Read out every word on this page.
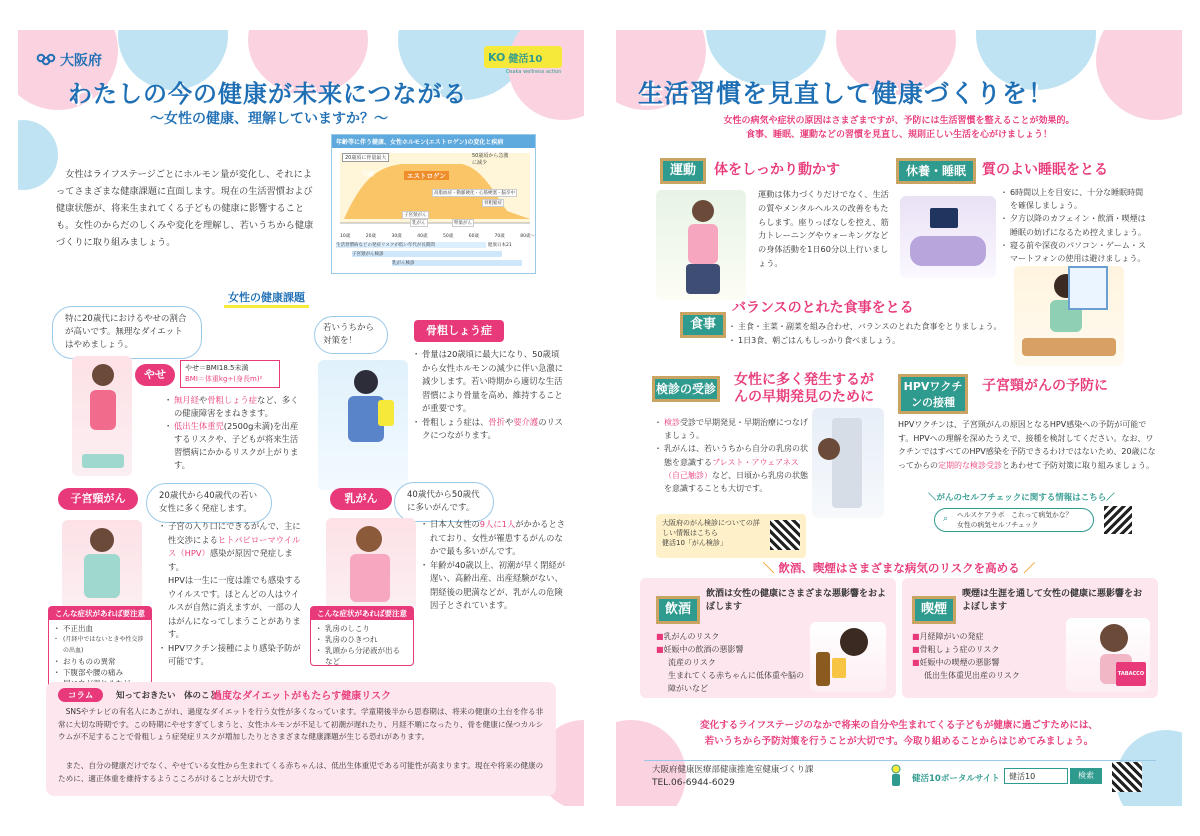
大阪府	KO 健活10
Osaka wellness action
わたしの今の健康が未来につながる
～女性の健康、理解していますか？～

女性はライフステージごとにホルモン量が変化し、それによってさまざまな健康課題に直面します。現在の生活習慣および健康状態が、将来生まれてくる子どもの健康に影響することも。女性のからだのしくみや変化を理解し、若いうちから健康づくりに取り組みましょう。

年齢等に伴う健康、女性ホルモン(エストロゲン)の変化と疾病
20歳頃に骨量最大	50歳頃から急激に減少
月経	エストロゲン
高脂血症・動脈硬化・心筋梗塞・脳卒中
骨粗鬆症
子宮頸がん
乳がん	卵巣がん
10歳	20歳	30歳	40歳	50歳	60歳	70歳	80歳〜
生活習慣病などの発症リスクが低い年代が長期間	健康日本21
子宮頸がん検診
乳がん検診
女性の健康課題
特に20歳代におけるやせの割合が高いです。無理なダイエットはやめましょう。
やせ	やせ＝BMI18.5未満
BMI＝体重kg÷(身長m)²
・ 無月経や骨粗しょう症など、多くの健康障害をまねきます。
・ 低出生体重児(2500g未満)を出産するリスクや、子どもが将来生活習慣病にかかるリスクが上がります。
若いうちから対策を！
骨粗しょう症
・ 骨量は20歳頃に最大になり、50歳頃から女性ホルモンの減少に伴い急激に減少します。若い時期から適切な生活習慣により骨量を高め、維持することが重要です。
・ 骨粗しょう症は、骨折や要介護のリスクにつながります。
子宮頸がん	20歳代から40歳代の若い女性に多く発症します。
こんな症状があれば要注意
・ 不正出血
・ (月経中ではないときや性交渉の出血)
・ おりものの異常
・ 下腹部や腰の痛み
・
・ 子宮の入り口にできるがんで、主に性交渉によるヒトパピローマウイルス（HPV）感染が原因で発症します。
HPVは一生に一度は誰でも感染するウイルスです。ほとんどの人はウイルスが自然に消えますが、一部の人はがんになってしまうことがあります。
・ HPVワクチン接種により感染予防が可能です。
乳がん	40歳代から50歳代に多いがんです。
こんな症状があれば要注意
・ 乳房のしこり
・ 乳房のひきつれ
・ 乳頭から分泌液が出るなど
・ 日本人女性の9人に1人がかかるとされており、女性が罹患するがんのなかで最も多いがんです。
・ 年齢が40歳以上、初潮が早く閉経が遅い、高齢出産、出産経験がない、閉経後の肥満などが、乳がんの危険因子とされています。
コラム	知っておきたい　体のこと
過度なダイエットがもたらす健康リスク

SNSやテレビの有名人にあこがれ、過度なダイエットを行う女性が多くなっています。学童期後半から思春期は、将来の健康の土台を作る非常に大切な時期です。この時期にやせすぎてしまうと、女性ホルモンが不足して初潮が遅れたり、月経不順になったり、骨を健康に保つカルシウムが不足することで骨粗しょう症発症リスクが増加したりとさまざまな健康課題が生じる恐れがあります。

また、自分の健康だけでなく、やせている女性から生まれてくる赤ちゃんは、低出生体重児である可能性が高まります。現在や将来の健康のために、適正体重を維持するようこころがけることが大切です。

生活習慣を見直して健康づくりを！
女性の病気や症状の原因はさまざまですが、予防には生活習慣を整えることが効果的。
食事、睡眠、運動などの習慣を見直し、規則正しい生活を心がけましょう！
運動	体をしっかり動かす

運動は体力づくりだけでなく、生活の質やメンタルヘルスの改善をもたらします。座りっぱなしを控え、筋力トレーニングやウォーキングなどの身体活動を1日60分以上行いましょう。

休養・睡眠	質のよい睡眠をとる
・ 6時間以上を目安に、十分な睡眠時間を確保しましょう。
・ 夕方以降のカフェイン・飲酒・喫煙は睡眠の妨げになるため控えましょう。
・ 寝る前や深夜のパソコン・ゲーム・スマートフォンの使用は避けましょう。
食事
バランスのとれた食事をとる
・ 主食・主菜・副菜を組み合わせ、バランスのとれた食事をとりましょう。
・ 1日3食、朝ごはんもしっかり食べましょう。
検診の受診
女性に多く発生するがんの早期発見のために
・ 検診受診で早期発見・早期治療につなげましょう。
・ 乳がんは、若いうちから自分の乳房の状態を意識するブレスト・アウェアネス（自己触診）など、日頃から乳房の状態を意識することも大切です。
大阪府のがん検診についての詳しい情報はこちら
健活10「がん検診」
HPVワクチンの接種
子宮頸がんの予防に

HPVワクチンは、子宮頸がんの原因となるHPV感染への予防が可能です。HPVへの理解を深めたうえで、接種を検討してください。なお、ワクチンではすべてのHPV感染を予防できるわけではないため、20歳になってからの定期的な検診受診とあわせて予防対策に取り組みましょう。

＼がんのセルフチェックに関する情報はこちら／
⌕ ヘルスケアラボ　これって病気かな？
女性の病気セルフチェック
＼ 飲酒、喫煙はさまざまな病気のリスクを高める ／
飲酒
飲酒は女性の健康にさまざまな悪影響をおよぼします
■乳がんのリスク
■妊娠中の飲酒の悪影響
流産のリスク
生まれてくる赤ちゃんに低体重や脳の障がいなど
喫煙
喫煙は生涯を通して女性の健康に悪影響をおよぼします
■月経障がいの発症
■骨粗しょう症のリスク
■妊娠中の喫煙の悪影響
低出生体重児出産のリスク	TABACCO
変化するライフステージのなかで将来の自分や生まれてくる子どもが健康に過ごすためには、
若いうちから予防対策を行うことが大切です。今取り組めることからはじめてみましょう。
大阪府健康医療部健康推進室健康づくり課
TEL.06-6944-6029	健活10ポータルサイト	健活10	検索
